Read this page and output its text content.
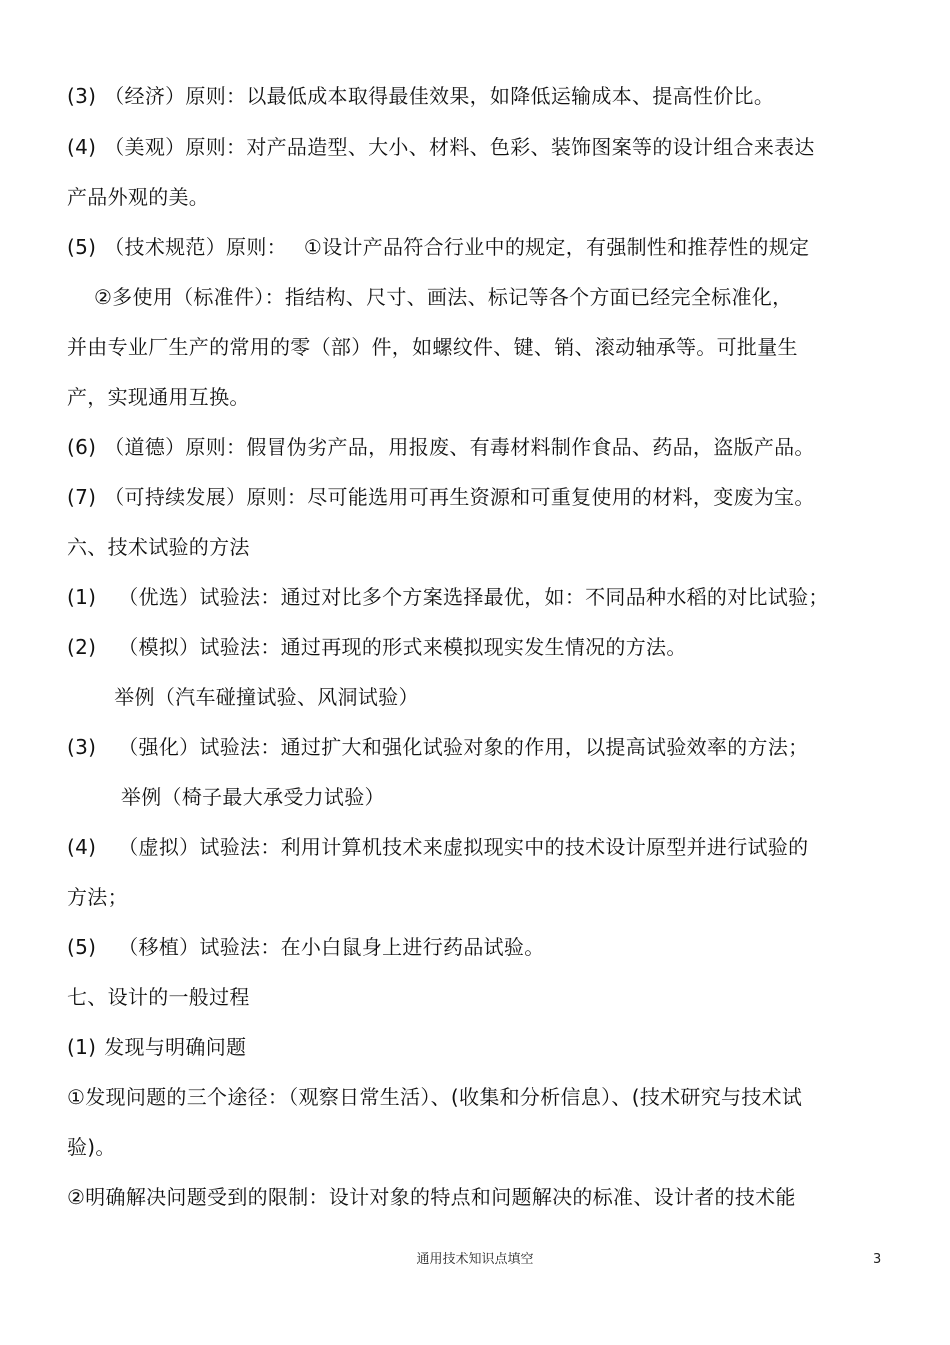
(3) （经济）原则：以最低成本取得最佳效果，如降低运输成本、提高性价比。
(4) （美观）原则：对产品造型、大小、材料、色彩、装饰图案等的设计组合来表达
产品外观的美。
(5) （技术规范）原则：　 ①设计产品符合行业中的规定，有强制性和推荐性的规定
　 ②多使用（标准件）：指结构、尺寸、画法、标记等各个方面已经完全标准化，
并由专业厂生产的常用的零（部）件，如螺纹件、键、销、滚动轴承等。可批量生
产，实现通用互换。
(6) （道德）原则：假冒伪劣产品，用报废、有毒材料制作食品、药品，盗版产品。
(7) （可持续发展）原则：尽可能选用可再生资源和可重复使用的材料，变废为宝。
六、技术试验的方法
(1) （优选）试验法：通过对比多个方案选择最优，如：不同品种水稻的对比试验；
(2) （模拟）试验法：通过再现的形式来模拟现实发生情况的方法。
　 　举例（汽车碰撞试验、风洞试验）
(3) （强化）试验法：通过扩大和强化试验对象的作用，以提高试验效率的方法；
　 　 举例（椅子最大承受力试验）
(4) （虚拟）试验法：利用计算机技术来虚拟现实中的技术设计原型并进行试验的
方法；
(5) （移植）试验法：在小白鼠身上进行药品试验。
七、设计的一般过程
(1) 发现与明确问题
①发现问题的三个途径：（观察日常生活）、(收集和分析信息）、(技术研究与技术试
验)。
②明确解决问题受到的限制：设计对象的特点和问题解决的标准、设计者的技术能
通用技术知识点填空	3
